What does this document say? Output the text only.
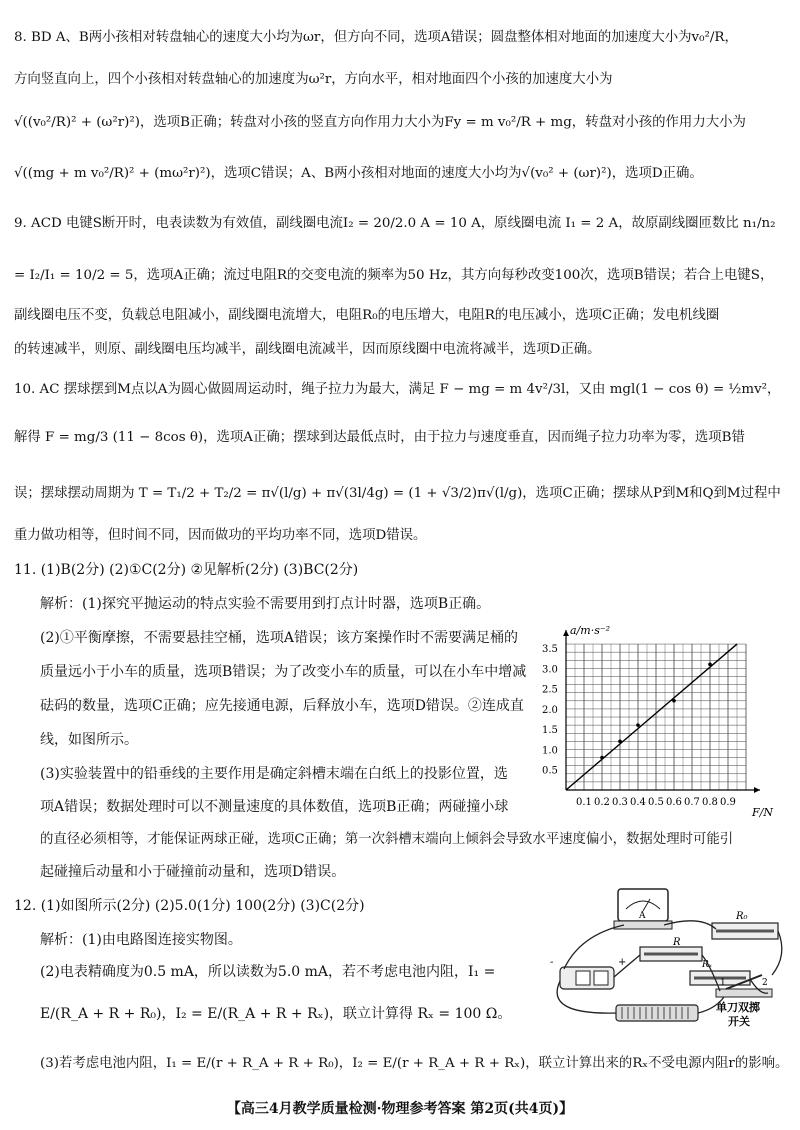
8. BD A、B两小孩相对转盘轴心的速度大小均为ωr，但方向不同，选项A错误；圆盘整体相对地面的加速度大小为v₀²/R，
方向竖直向上，四个小孩相对转盘轴心的加速度为ω²r，方向水平，相对地面四个小孩的加速度大小为
√((v₀²/R)² + (ω²r)²)，选项B正确；转盘对小孩的竖直方向作用力大小为Fy = m v₀²/R + mg，转盘对小孩的作用力大小为
√((mg + m v₀²/R)² + (mω²r)²)，选项C错误；A、B两小孩相对地面的速度大小均为√(v₀² + (ωr)²)，选项D正确。
9. ACD 电键S断开时，电表读数为有效值，副线圈电流I₂ = 20/2.0 A = 10 A，原线圈电流 I₁ = 2 A，故原副线圈匝数比 n₁/n₂
= I₂/I₁ = 10/2 = 5，选项A正确；流过电阻R的交变电流的频率为50 Hz，其方向每秒改变100次，选项B错误；若合上电键S，
副线圈电压不变，负载总电阻减小，副线圈电流增大，电阻R₀的电压增大，电阻R的电压减小，选项C正确；发电机线圈
的转速减半，则原、副线圈电压均减半，副线圈电流减半，因而原线圈中电流将减半，选项D正确。
10. AC 摆球摆到M点以A为圆心做圆周运动时，绳子拉力为最大，满足 F − mg = m 4v²/3l，又由 mgl(1 − cos θ) = ½mv²，
解得 F = mg/3 (11 − 8cos θ)，选项A正确；摆球到达最低点时，由于拉力与速度垂直，因而绳子拉力功率为零，选项B错
误；摆球摆动周期为 T = T₁/2 + T₂/2 = π√(l/g) + π√(3l/4g) = (1 + √3/2)π√(l/g)，选项C正确；摆球从P到M和Q到M过程中
重力做功相等，但时间不同，因而做功的平均功率不同，选项D错误。
11. (1)B(2分) (2)①C(2分) ②见解析(2分) (3)BC(2分)
解析：(1)探究平抛运动的特点实验不需要用到打点计时器，选项B正确。
(2)①平衡摩擦，不需要悬挂空桶，选项A错误；该方案操作时不需要满足桶的
质量远小于小车的质量，选项B错误；为了改变小车的质量，可以在小车中增减
砝码的数量，选项C正确；应先接通电源，后释放小车，选项D错误。②连成直
线，如图所示。
(3)实验装置中的铅垂线的主要作用是确定斜槽末端在白纸上的投影位置，选
项A错误；数据处理时可以不测量速度的具体数值，选项B正确；两碰撞小球
的直径必须相等，才能保证两球正碰，选项C正确；第一次斜槽末端向上倾斜会导致水平速度偏小，数据处理时可能引
起碰撞后动量和小于碰撞前动量和，选项D错误。
0.1 0.2 0.3 0.4 0.5 0.6 0.7 0.8 0.9
0.5
1.0
1.5
2.0
2.5
3.0
3.5
a/m·s⁻²
F/N
12. (1)如图所示(2分) (2)5.0(1分) 100(2分) (3)C(2分)
解析：(1)由电路图连接实物图。
(2)电表精确度为0.5 mA，所以读数为5.0 mA，若不考虑电池内阻，I₁ =
E/(R_A + R + R₀)，I₂ = E/(R_A + R + Rₓ)，联立计算得 Rₓ = 100 Ω。
(3)若考虑电池内阻，I₁ = E/(r + R_A + R + R₀)，I₂ = E/(r + R_A + R + Rₓ)，联立计算出来的Rₓ不受电源内阻r的影响。
A	R₀
R
Rₓ
-	+
1	2
单刀双掷
开关
【高三4月教学质量检测·物理参考答案 第2页(共4页)】
